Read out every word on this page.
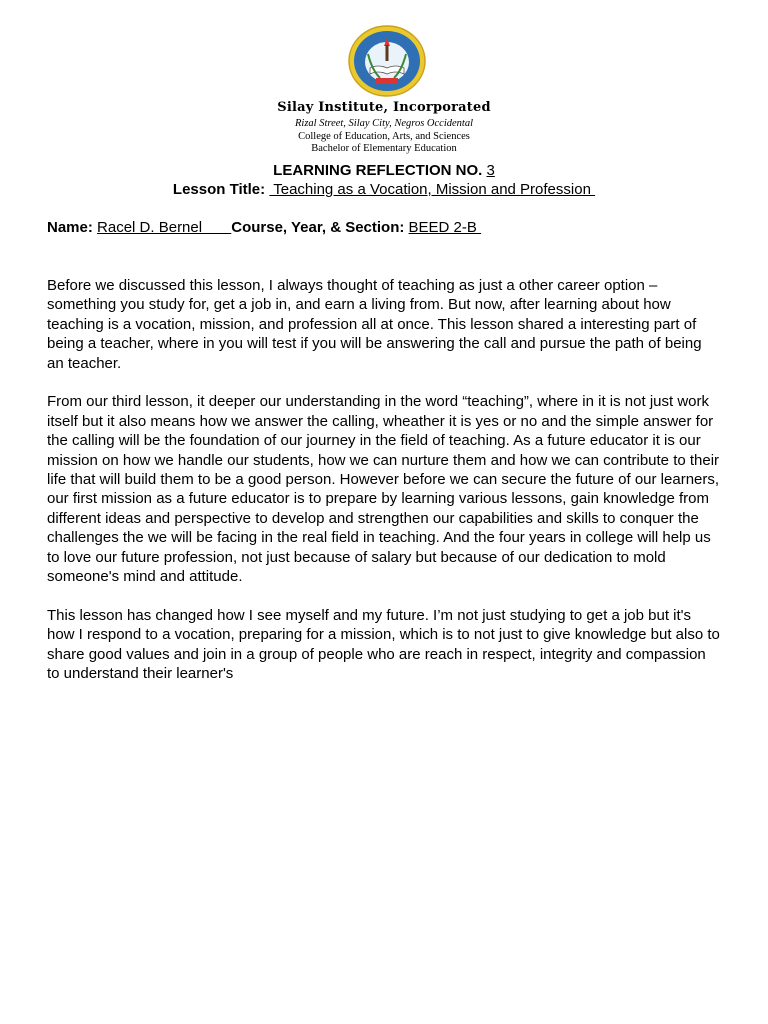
Silay Institute, Incorporated
Rizal Street, Silay City, Negros Occidental
College of Education, Arts, and Sciences
Bachelor of Elementary Education
LEARNING REFLECTION NO. 3
Lesson Title:  Teaching as a Vocation, Mission and Profession
Name: Racel D. Bernel       Course, Year, & Section: BEED 2-B

Before we discussed this lesson, I always thought of teaching as just a other career option – something you study for, get a job in, and earn a living from. But now, after learning about how teaching is a vocation, mission, and profession all at once. This lesson shared a interesting part of being a teacher, where in you will test if you will be answering the call and pursue the path of being an teacher.

From our third lesson, it deeper our understanding in the word “teaching”, where in it is not just work itself but it also means how we answer the calling, wheather it is yes or no and the simple answer for the calling will be the foundation of our journey in the field of teaching. As a future educator it is our mission on how we handle our students, how we can nurture them and how we can contribute to their life that will build them to be a good person. However before we can secure the future of our learners, our first mission as a future educator is to prepare by learning various lessons, gain knowledge from different ideas and perspective to develop and strengthen our capabilities and skills to conquer the challenges the we will be facing in the real field in teaching. And the four years in college will help us to love our future profession, not just because of salary but because of our dedication to mold someone's mind and attitude.

This lesson has changed how I see myself and my future. I’m not just studying to get a job but it's how I respond to a vocation, preparing for a mission, which is to not just to give knowledge but also to share good values and join in a group of people who are reach in respect, integrity and compassion to understand their learner's
